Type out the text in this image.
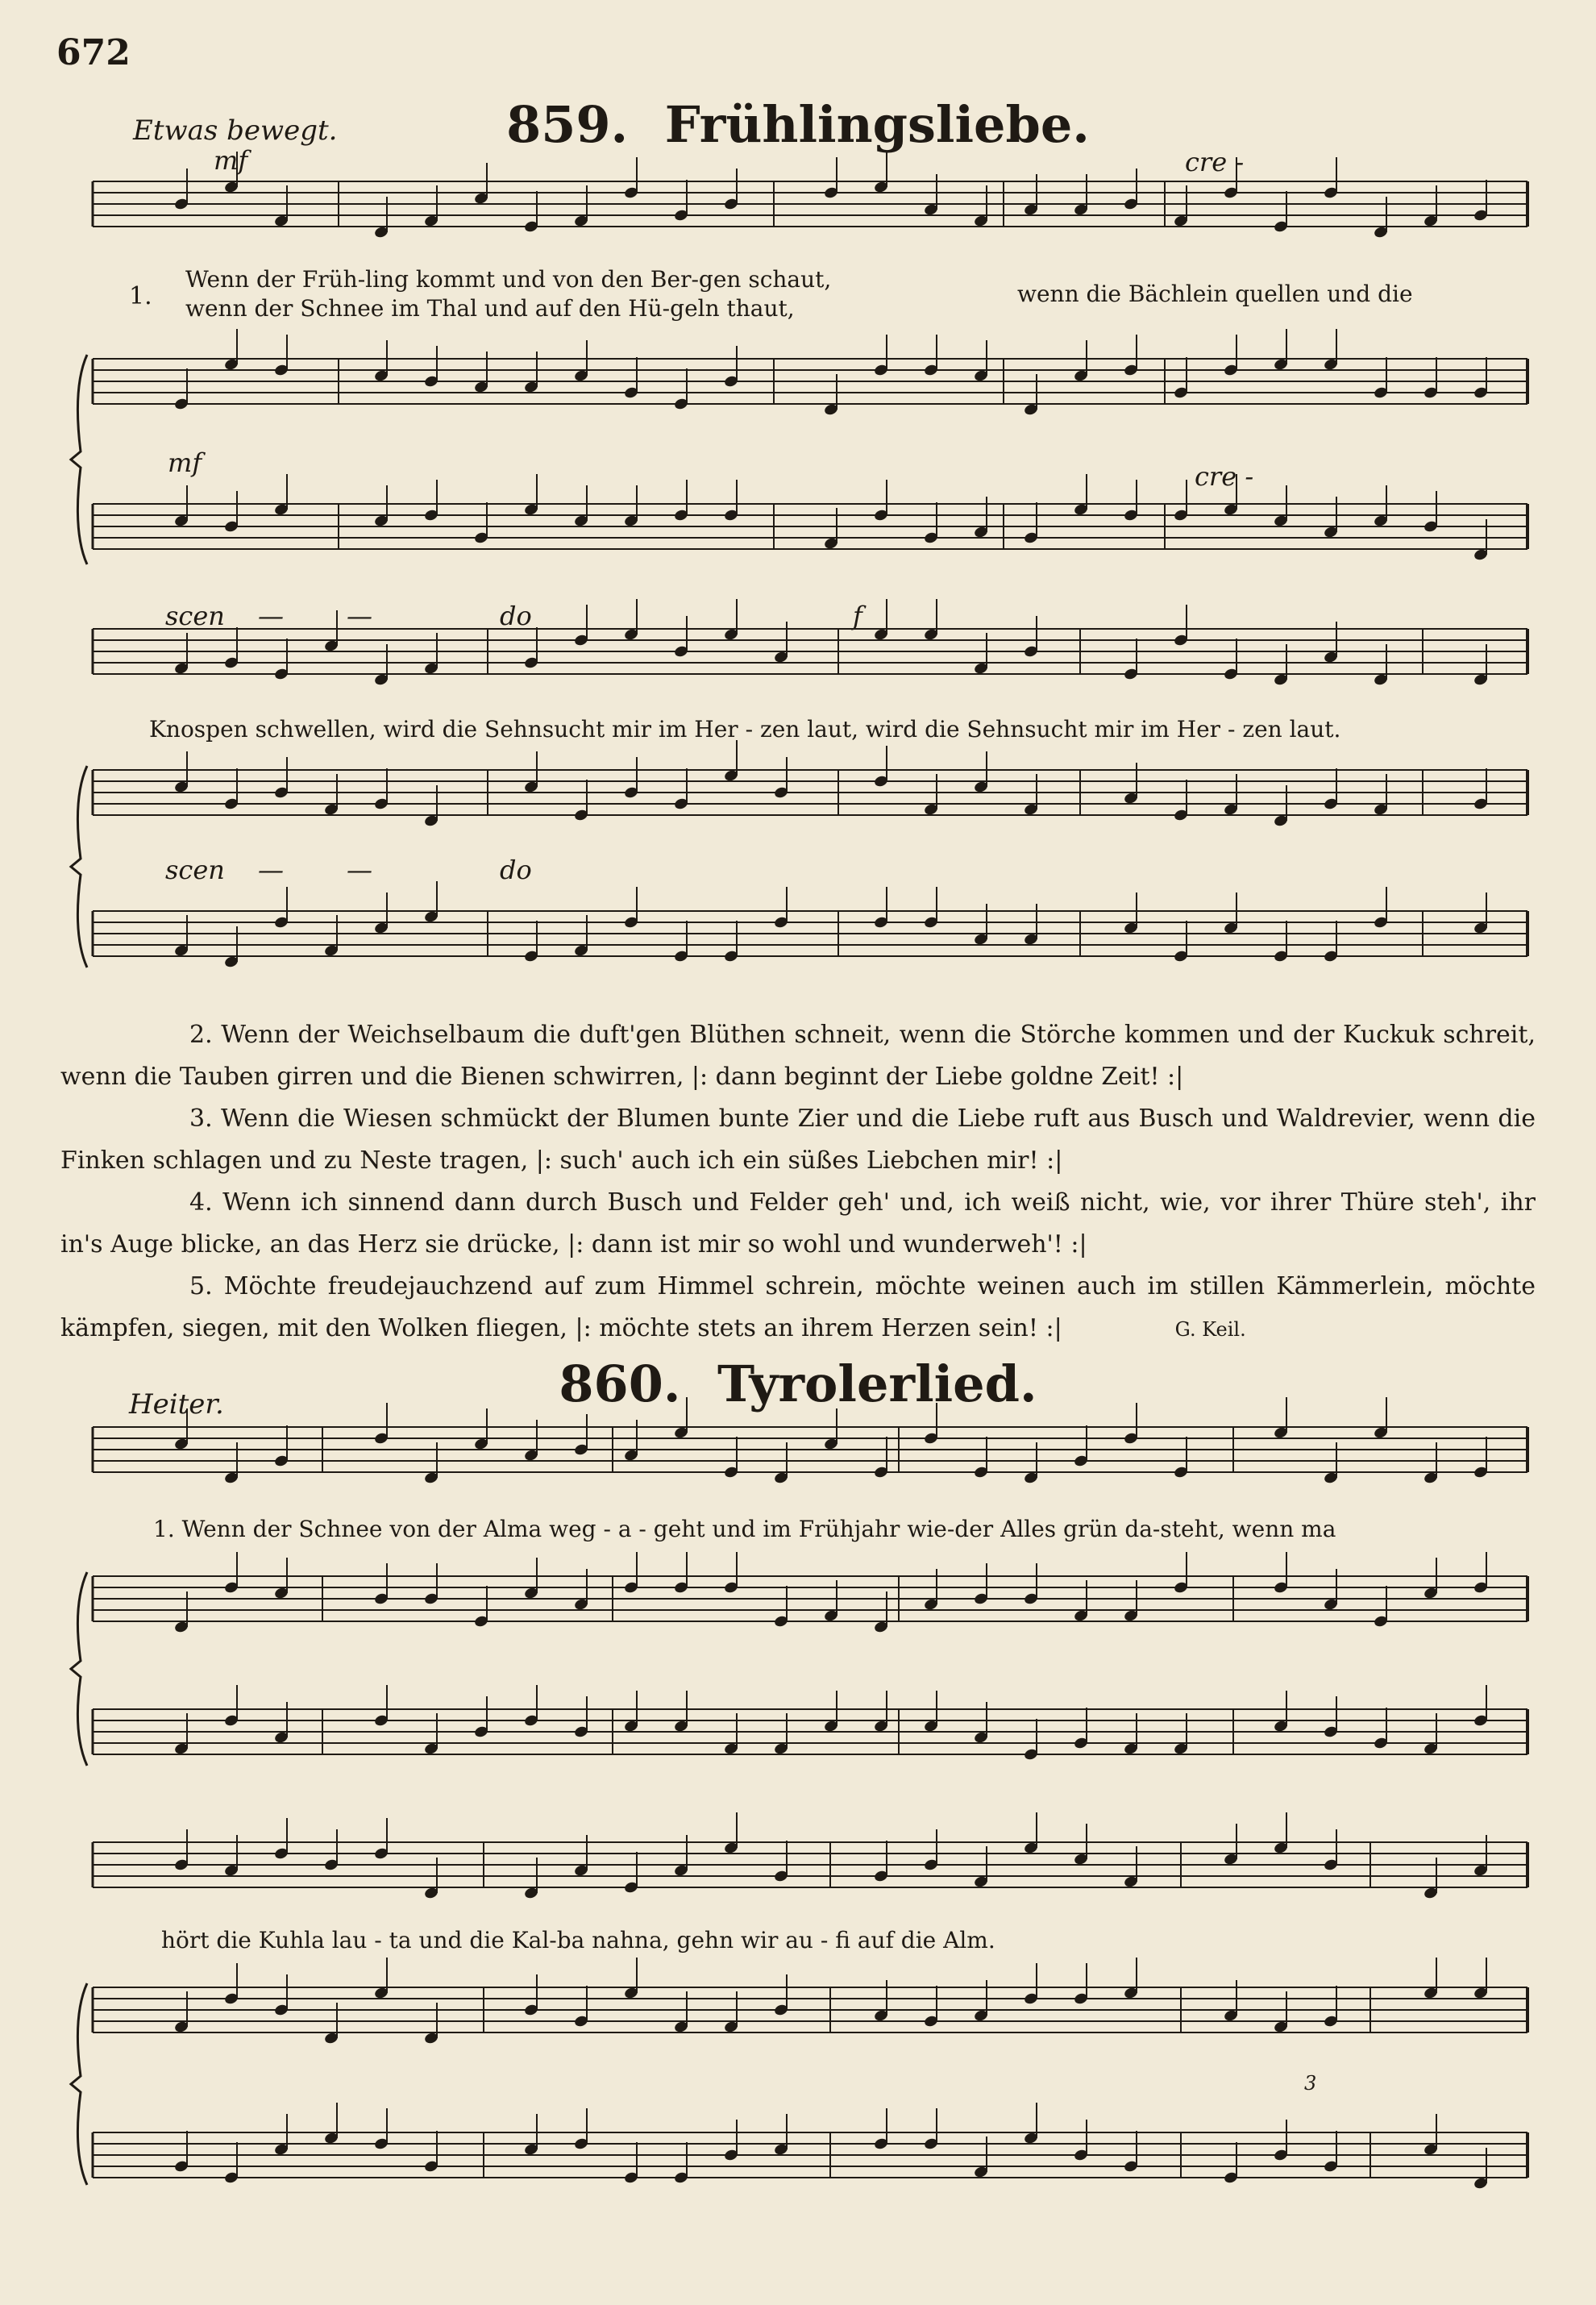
672
859. Frühlingsliebe.
Etwas bewegt.
mf	cre -
mf	cre -
scen — —	do	f
scen — —	do
1.
Wenn der Früh-ling kommt und von den Ber-gen schaut,
wenn der Schnee im Thal und auf den Hü-geln thaut,
wenn die Bächlein quellen und die
Knospen schwellen, wird die Sehnsucht mir im Her - zen laut, wird die Sehnsucht mir im Her - zen laut.
2. Wenn der Weichselbaum die duft'gen Blüthen schneit, wenn die Störche kommen und der Kuckuk schreit, wenn die Tauben girren und die Bienen schwirren, |: dann beginnt der Liebe goldne Zeit! :|
3. Wenn die Wiesen schmückt der Blumen bunte Zier und die Liebe ruft aus Busch und Waldrevier, wenn die Finken schlagen und zu Neste tragen, |: such' auch ich ein süßes Liebchen mir! :|
4. Wenn ich sinnend dann durch Busch und Felder geh' und, ich weiß nicht, wie, vor ihrer Thüre steh', ihr in's Auge blicke, an das Herz sie drücke, |: dann ist mir so wohl und wunderweh'! :|
5. Möchte freudejauchzend auf zum Himmel schrein, möchte weinen auch im stillen Kämmerlein, möchte kämpfen, siegen, mit den Wolken fliegen, |: möchte stets an ihrem Herzen sein! :|	G. Keil.
860. Tyrolerlied.
Heiter.
1. Wenn der Schnee von der Alma weg - a - geht und im Frühjahr wie-der Alles grün da-steht, wenn ma
hört die Kuhla lau - ta und die Kal-ba nahna, gehn wir au - fi auf die Alm.
3
